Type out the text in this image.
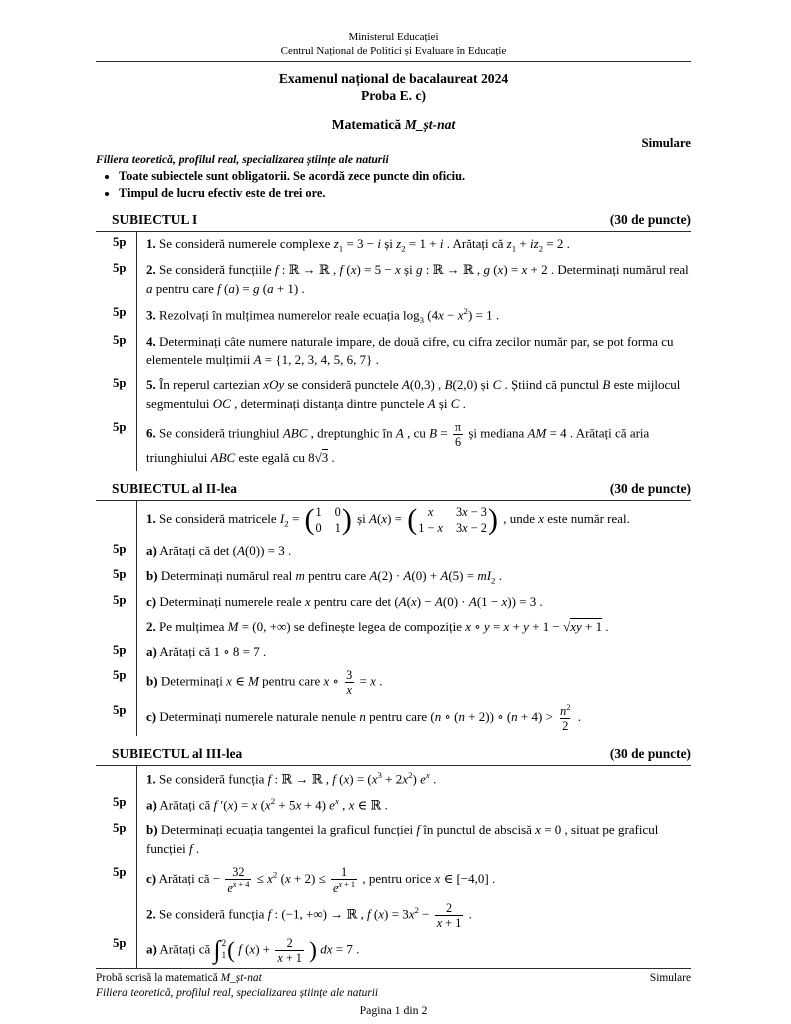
Ministerul Educației
Centrul Național de Politici și Evaluare în Educație
Examenul național de bacalaureat 2024
Proba E. c)
Matematică M_șt-nat
Simulare
Filiera teoretică, profilul real, specializarea științe ale naturii
• Toate subiectele sunt obligatorii. Se acordă zece puncte din oficiu.
• Timpul de lucru efectiv este de trei ore.
SUBIECTUL I	(30 de puncte)
5p	1. Se consideră numerele complexe $z_1 = 3 - i$ și $z_2 = 1 + i$ . Arătați că $z_1 + iz_2 = 2$ .
5p	2. Se consideră funcțiile f : ℝ → ℝ , f (x) = 5 − x și g : ℝ → ℝ , g (x) = x + 2 . Determinați numărul real a pentru care f (a) = g (a + 1) .
5p	3. Rezolvați în mulțimea numerelor reale ecuația $\log_3 (4x - x^2) = 1$ .
5p	4. Determinați câte numere naturale impare, de două cifre, cu cifra zecilor număr par, se pot forma cu elementele mulțimii A = {1, 2, 3, 4, 5, 6, 7} .
5p	5. În reperul cartezian xOy se consideră punctele A(0,3) , B(2,0) și C . Știind că punctul B este mijlocul segmentului OC , determinați distanța dintre punctele A și C .
5p	6. Se consideră triunghiul ABC , dreptunghic în A , cu $B = \frac{\pi}{6}$ și mediana AM = 4 . Arătați că aria triunghiului ABC este egală cu 8√3 .
SUBIECTUL al II-lea	(30 de puncte)
1. Se consideră matricele $I_2$ = ( 1 0
0 1
) și A(x) =	( x	3x − 3
1 − x 3x − 2
) , unde x este număr real.
5p	a) Arătați că det (A(0)) = 3 .
5p	b) Determinați numărul real m pentru care $A(2) \cdot A(0) + A(5) = mI_2$ .
5p	c) Determinați numerele reale x pentru care det (A(x) − A(0) · A(1 − x)) = 3 .
2. Pe mulțimea M = (0, +∞) se definește legea de compoziție x ∘ y = x + y + 1 − √xy + 1 .
5p	a) Arătați că 1 ∘ 8 = 7 .
5p	b) Determinați x ∈ M pentru care x ∘ $\frac{3}{x} = x$ .
5p	c) Determinați numerele naturale nenule n pentru care (n ∘ (n + 2)) ∘ $(n + 4) > \frac{n^2}{2}$ .
SUBIECTUL al III-lea	(30 de puncte)
1. Se consideră funcția f : ℝ → ℝ , f $(x) = (x^3 + 2x^2)$ $e^x$ .
5p	a) Arătați că f ′(x) = x $(x^2 + 5x + 4)$ $e^x$ , x ∈ ℝ .
5p	b) Determinați ecuația tangentei la graficul funcției f în punctul de abscisă x = 0 , situat pe graficul funcției f .
5p	c) Arătați că − $\frac{32}{e^{x + 4}} \le x^2$ $(x + 2) \le \frac{1}{e^{x + 1}}$ , pentru orice x ∈ [−4,0] .
2. Se consideră funcția f : (−1, +∞) → ℝ , f $(x) = 3x^2 - \frac{2}{x + 1}$ .
5p	a) Arătați că ∫ 2
1 ( f $(x) + \frac{2}{x + 1}$ ) dx = 7 .
Probă scrisă la matematică M_șt-nat	Simulare
Filiera teoretică, profilul real, specializarea științe ale naturii
Pagina 1 din 2
